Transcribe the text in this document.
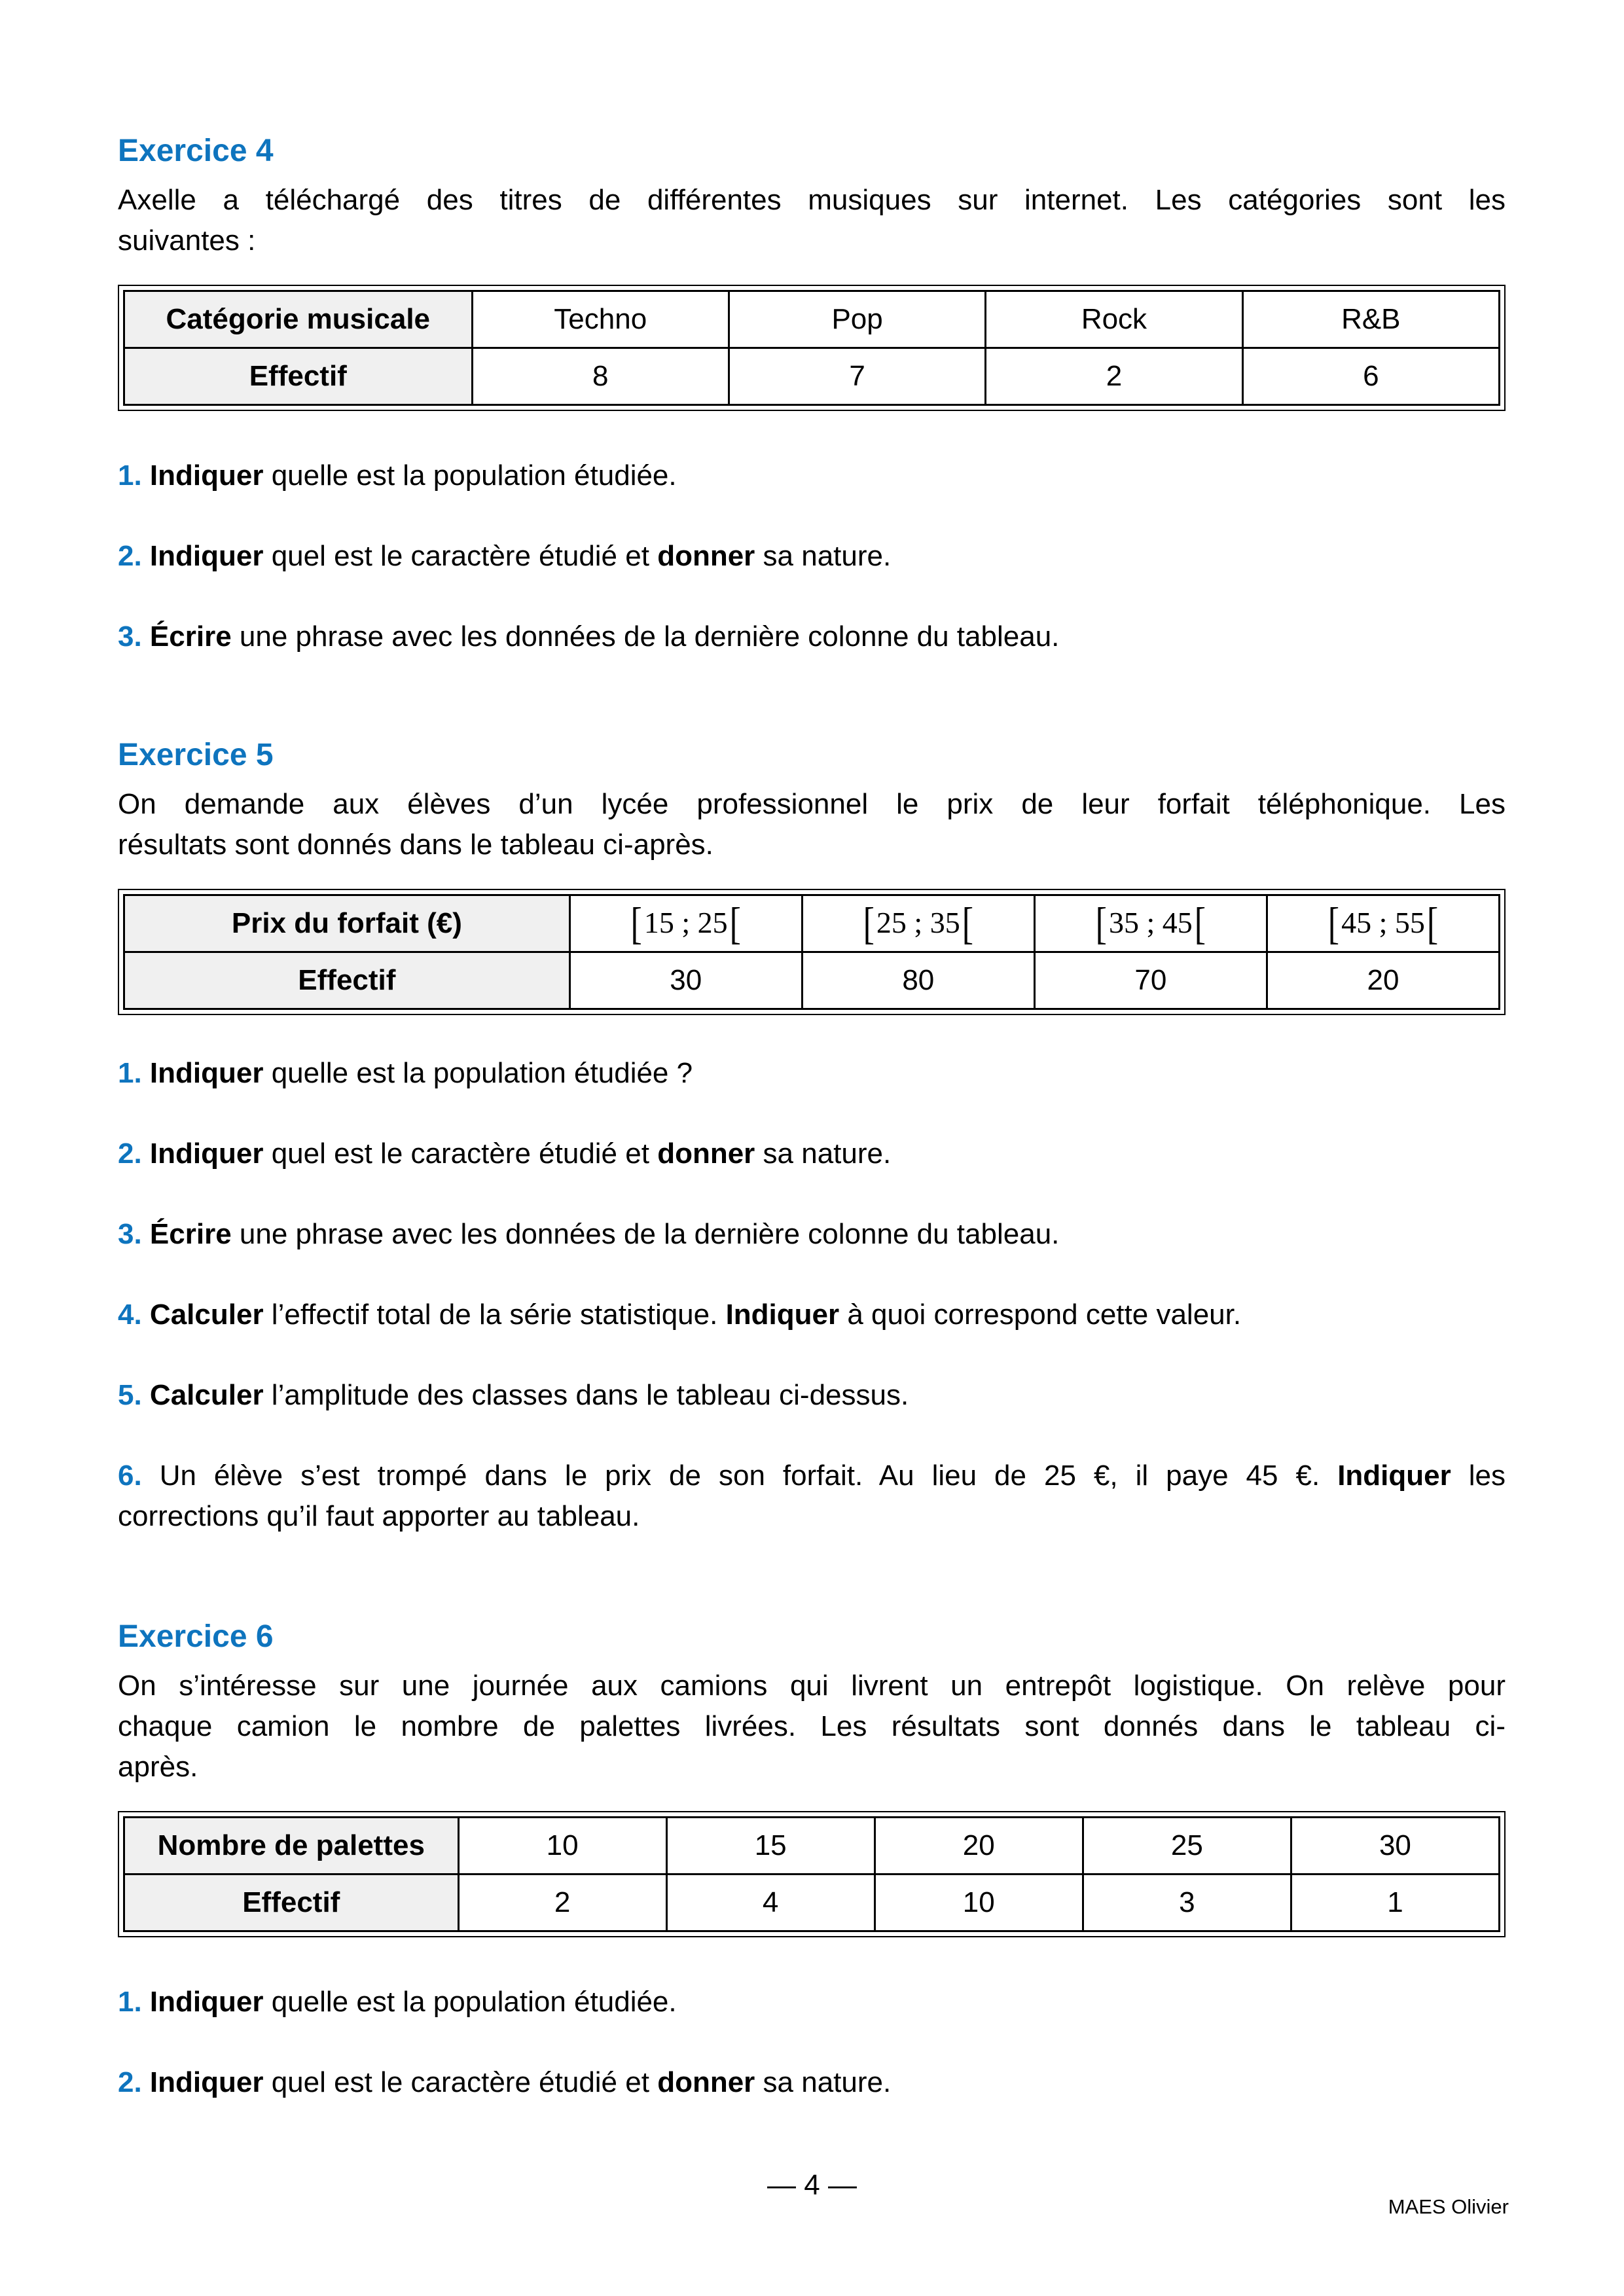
Exercice 4
Axelle a téléchargé des titres de différentes musiques sur internet. Les catégories sont les
suivantes :
Catégorie musicale	Techno	Pop	Rock	R&B
Effectif	8	7	2	6
1. Indiquer quelle est la population étudiée.
2. Indiquer quel est le caractère étudié et donner sa nature.
3. Écrire une phrase avec les données de la dernière colonne du tableau.
Exercice 5
On demande aux élèves d’un lycée professionnel le prix de leur forfait téléphonique. Les
résultats sont donnés dans le tableau ci-après.
Prix du forfait (€)	[15 ; 25[	[25 ; 35[	[35 ; 45[	[45 ; 55[
Effectif	30	80	70	20
1. Indiquer quelle est la population étudiée ?
2. Indiquer quel est le caractère étudié et donner sa nature.
3. Écrire une phrase avec les données de la dernière colonne du tableau.
4. Calculer l’effectif total de la série statistique. Indiquer à quoi correspond cette valeur.
5. Calculer l’amplitude des classes dans le tableau ci-dessus.
6. Un élève s’est trompé dans le prix de son forfait. Au lieu de 25 €, il paye 45 €. Indiquer les
corrections qu’il faut apporter au tableau.
Exercice 6
On s’intéresse sur une journée aux camions qui livrent un entrepôt logistique. On relève pour
chaque camion le nombre de palettes livrées. Les résultats sont donnés dans le tableau ci-
après.
Nombre de palettes	10	15	20	25	30
Effectif	2	4	10	3	1
1. Indiquer quelle est la population étudiée.
2. Indiquer quel est le caractère étudié et donner sa nature.
— 4 —
MAES Olivier
